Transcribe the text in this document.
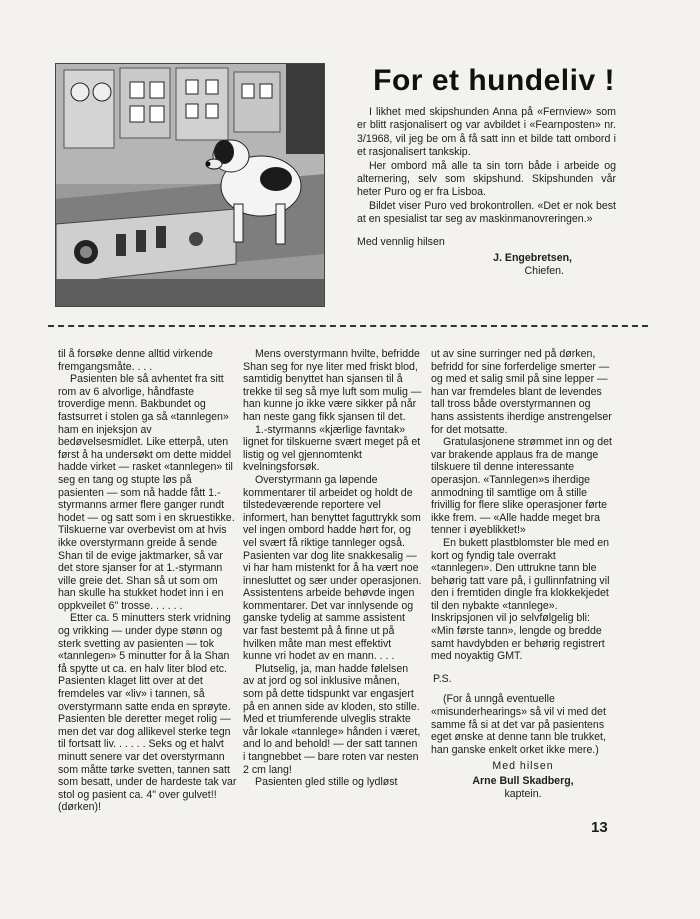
For et hundeliv !

I likhet med skipshunden Anna på «Fernview» som er blitt rasjonalisert og var avbildet i «Fearnposten» nr. 3/1968, vil jeg be om å få satt inn et bilde tatt ombord i et rasjonalisert tankskip.

Her ombord må alle ta sin torn både i arbeide og alternering, selv som skipshund. Skipshunden vår heter Puro og er fra Lisboa.

Bildet viser Puro ved brokontrollen. «Det er nok best at en spesialist tar seg av maskinmanovreringen.»

Med vennlig hilsen

J. Engebretsen,

Chiefen.

til å forsøke denne alltid virkende fremgangsmåte. . . .

Pasienten ble så avhentet fra sitt rom av 6 alvorlige, håndfaste troverdige menn. Bakbundet og fastsurret i stolen ga så «tannlegen» ham en injeksjon av bedøvelsesmidlet. Like etterpå, uten først å ha undersøkt om dette middel hadde virket — rasket «tannlegen» til seg en tang og stupte løs på pasienten — som nå hadde fått 1.-styrmanns armer flere ganger rundt hodet — og satt som i en skruestikke. Tilskuerne var overbevist om at hvis ikke overstyrmann greide å sende Shan til de evige jaktmarker, så var det store sjanser for at 1.-styrmann ville greie det. Shan så ut som om han skulle ha stukket hodet inn i en oppkveilet 6" trosse. . . . . .

Etter ca. 5 minutters sterk vridning og vrikking — under dype stønn og sterk svetting av pasienten — tok «tannlegen» 5 minutter for å la Shan få spytte ut ca. en halv liter blod etc. Pasienten klaget litt over at det fremdeles var «liv» i tannen, så overstyrmann satte enda en sprøyte. Pasienten ble deretter meget rolig — men det var dog allikevel sterke tegn til fortsatt liv. . . . . . Seks og et halvt minutt senere var det overstyrmann som måtte tørke svetten, tannen satt som besatt, under de hardeste tak var stol og pasient ca. 4" over gulvet!! (dørken)!

Mens overstyrmann hvilte, befridde Shan seg for nye liter med friskt blod, samtidig benyttet han sjansen til å trekke til seg så mye luft som mulig — han kunne jo ikke være sikker på når han neste gang fikk sjansen til det.

1.-styrmanns «kjærlige favntak» lignet for tilskuerne svært meget på et listig og vel gjennomtenkt kvelningsforsøk.

Overstyrmann ga løpende kommentarer til arbeidet og holdt de tilstedeværende reportere vel informert, han benyttet faguttrykk som vel ingen ombord hadde hørt for, og vel svært få riktige tannleger også. Pasienten var dog lite snakkesalig — vi har ham mistenkt for å ha vært noe innesluttet og sær under operasjonen. Assistentens arbeide behøvde ingen kommentarer. Det var innlysende og ganske tydelig at samme assistent var fast bestemt på å finne ut på hvilken måte man mest effektivt kunne vri hodet av en mann. . . .

Plutselig, ja, man hadde følelsen av at jord og sol inklusive månen, som på dette tidspunkt var engasjert på en annen side av kloden, sto stille. Med et triumferende ulveglis strakte vår lokale «tannlege» hånden i været, and lo and behold! — der satt tannen i tangnebbet — bare roten var nesten 2 cm lang!

Pasienten gled stille og lydløst

ut av sine surringer ned på dørken, befridd for sine forferdelige smerter — og med et salig smil på sine lepper — han var fremdeles blant de levendes tall tross både overstyrmannen og hans assistents iherdige anstrengelser for det motsatte.

Gratulasjonene strømmet inn og det var brakende applaus fra de mange tilskuere til denne interessante operasjon. «Tannlegen»s iherdige anmodning til samtlige om å stille frivillig for flere slike operasjoner førte ikke frem. — «Alle hadde meget bra tenner i øyeblikket!»

En bukett plastblomster ble med en kort og fyndig tale overrakt «tannlegen». Den uttrukne tann ble behørig tatt vare på, i gullinnfatning vil den i fremtiden dingle fra klokkekjedet til den nybakte «tannlege». Inskripsjonen vil jo selvfølgelig bli: «Min første tann», lengde og bredde samt havdybden er behørig registrert med noyaktig GMT.

P.S.

(For å unngå eventuelle «misunderhearings» så vil vi med det samme få si at det var på pasientens eget ønske at denne tann ble trukket, han ganske enkelt orket ikke mere.)

Med hilsen

Arne Bull Skadberg,

kaptein.

13
